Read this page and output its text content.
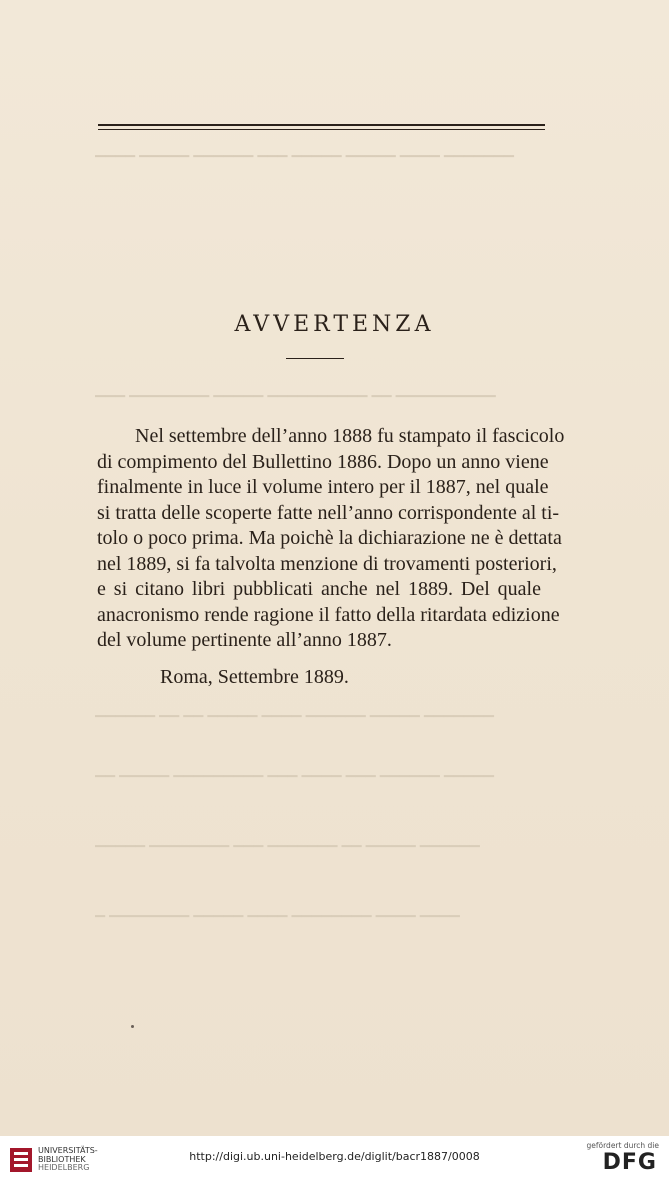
▁▁▁▁ ▁▁▁▁▁ ▁▁▁▁▁▁ ▁▁▁ ▁▁▁▁▁ ▁▁▁▁▁ ▁▁▁▁ ▁▁▁▁▁▁▁
▁▁▁ ▁▁▁▁▁▁▁▁ ▁▁▁▁▁ ▁▁▁▁▁▁▁▁▁▁ ▁▁ ▁▁▁▁▁▁▁▁▁▁
▁▁▁▁▁▁ ▁▁ ▁▁ ▁▁▁▁▁ ▁▁▁▁ ▁▁▁▁▁▁ ▁▁▁▁▁ ▁▁▁▁▁▁▁
▁▁ ▁▁▁▁▁ ▁▁▁▁▁▁▁▁▁ ▁▁▁ ▁▁▁▁ ▁▁▁ ▁▁▁▁▁▁ ▁▁▁▁▁
▁▁▁▁▁ ▁▁▁▁▁▁▁▁ ▁▁▁ ▁▁▁▁▁▁▁ ▁▁ ▁▁▁▁▁ ▁▁▁▁▁▁
▁ ▁▁▁▁▁▁▁▁ ▁▁▁▁▁ ▁▁▁▁ ▁▁▁▁▁▁▁▁ ▁▁▁▁ ▁▁▁▁
AVVERTENZA
Nel settembre dell’anno 1888 fu stampato il fascicolo
di compimento del Bullettino 1886. Dopo un anno viene
finalmente in luce il volume intero per il 1887, nel quale
si tratta delle scoperte fatte nell’anno corrispondente al ti-
tolo o poco prima. Ma poichè la dichiarazione ne è dettata
nel 1889, si fa talvolta menzione di trovamenti posteriori,
e si citano libri pubblicati anche nel 1889. Del quale
anacronismo rende ragione il fatto della ritardata edizione
del volume pertinente all’anno 1887.
Roma, Settembre 1889.
UNIVERSITÄTS-
BIBLIOTHEK
HEIDELBERG
http://digi.ub.uni-heidelberg.de/diglit/bacr1887/0008
gefördert durch die
DFG
